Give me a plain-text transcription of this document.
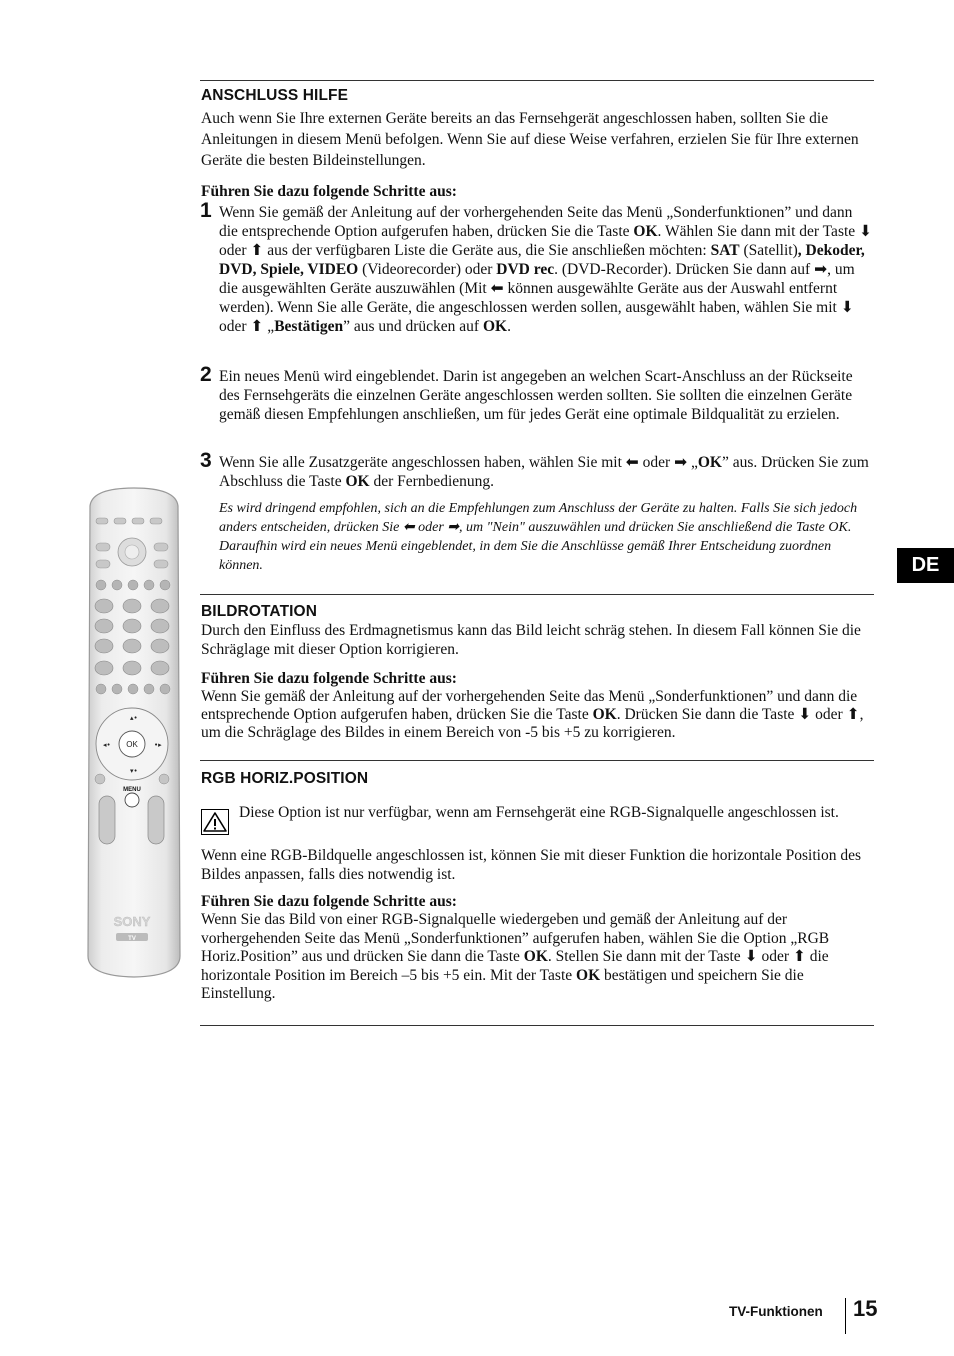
ANSCHLUSS HILFE
Auch wenn Sie Ihre externen Geräte bereits an das Fernsehgerät angeschlossen haben, sollten Sie die Anleitungen in diesem Menü befolgen. Wenn Sie auf diese Weise verfahren, erzielen Sie für Ihre externen Geräte die besten Bildeinstellungen.
Führen Sie dazu folgende Schritte aus:
1 Wenn Sie gemäß der Anleitung auf der vorhergehenden Seite das Menü „Sonderfunktionen” und dann die entsprechende Option aufgerufen haben, drücken Sie die Taste OK. Wählen Sie dann mit der Taste ⬇ oder ⬆ aus der verfügbaren Liste die Geräte aus, die Sie anschließen möchten: SAT (Satellit), Dekoder, DVD, Spiele, VIDEO (Videorecorder) oder DVD rec. (DVD-Recorder). Drücken Sie dann auf ➡, um die ausgewählten Geräte auszuwählen (Mit ⬅ können ausgewählte Geräte aus der Auswahl entfernt werden). Wenn Sie alle Geräte, die angeschlossen werden sollen, ausgewählt haben, wählen Sie mit ⬇ oder ⬆ „Bestätigen” aus und drücken auf OK.
2 Ein neues Menü wird eingeblendet. Darin ist angegeben an welchen Scart-Anschluss an der Rückseite des Fernsehgeräts die einzelnen Geräte angeschlossen werden sollten. Sie sollten die einzelnen Geräte gemäß diesen Empfehlungen anschließen, um für jedes Gerät eine optimale Bildqualität zu erzielen.
3 Wenn Sie alle Zusatzgeräte angeschlossen haben, wählen Sie mit ⬅ oder ➡ „OK” aus. Drücken Sie zum Abschluss die Taste OK der Fernbedienung.
Es wird dringend empfohlen, sich an die Empfehlungen zum Anschluss der Geräte zu halten. Falls Sie sich jedoch anders entscheiden, drücken Sie ⬅ oder ➡, um "Nein" auszuwählen und drücken Sie anschließend die Taste OK. Daraufhin wird ein neues Menü eingeblendet, in dem Sie die Anschlüsse gemäß Ihrer Entscheidung zuordnen können.
BILDROTATION
Durch den Einfluss des Erdmagnetismus kann das Bild leicht schräg stehen. In diesem Fall können Sie die Schräglage mit dieser Option korrigieren.
Führen Sie dazu folgende Schritte aus:
Wenn Sie gemäß der Anleitung auf der vorhergehenden Seite das Menü „Sonderfunktionen” und dann die entsprechende Option aufgerufen haben, drücken Sie die Taste OK. Drücken Sie dann die Taste ⬇ oder ⬆, um die Schräglage des Bildes in einem Bereich von -5 bis +5 zu korrigieren.
RGB HORIZ.POSITION
Diese Option ist nur verfügbar, wenn am Fernsehgerät eine RGB-Signalquelle angeschlossen ist.
Wenn eine RGB-Bildquelle angeschlossen ist, können Sie mit dieser Funktion die horizontale Position des Bildes anpassen, falls dies notwendig ist.
Führen Sie dazu folgende Schritte aus:
Wenn Sie das Bild von einer RGB-Signalquelle wiedergeben und gemäß der Anleitung auf der vorhergehenden Seite das Menü „Sonderfunktionen” aufgerufen haben, wählen Sie die Option „RGB Horiz.Position” aus und drücken Sie dann die Taste OK. Stellen Sie dann mit der Taste ⬇ oder ⬆ die horizontale Position im Bereich –5 bis +5 ein. Mit der Taste OK bestätigen und speichern Sie die Einstellung.
DE
OK
▴•
▾•
◂•	•▸
MENU
SONY
TV
TV-Funktionen 15
